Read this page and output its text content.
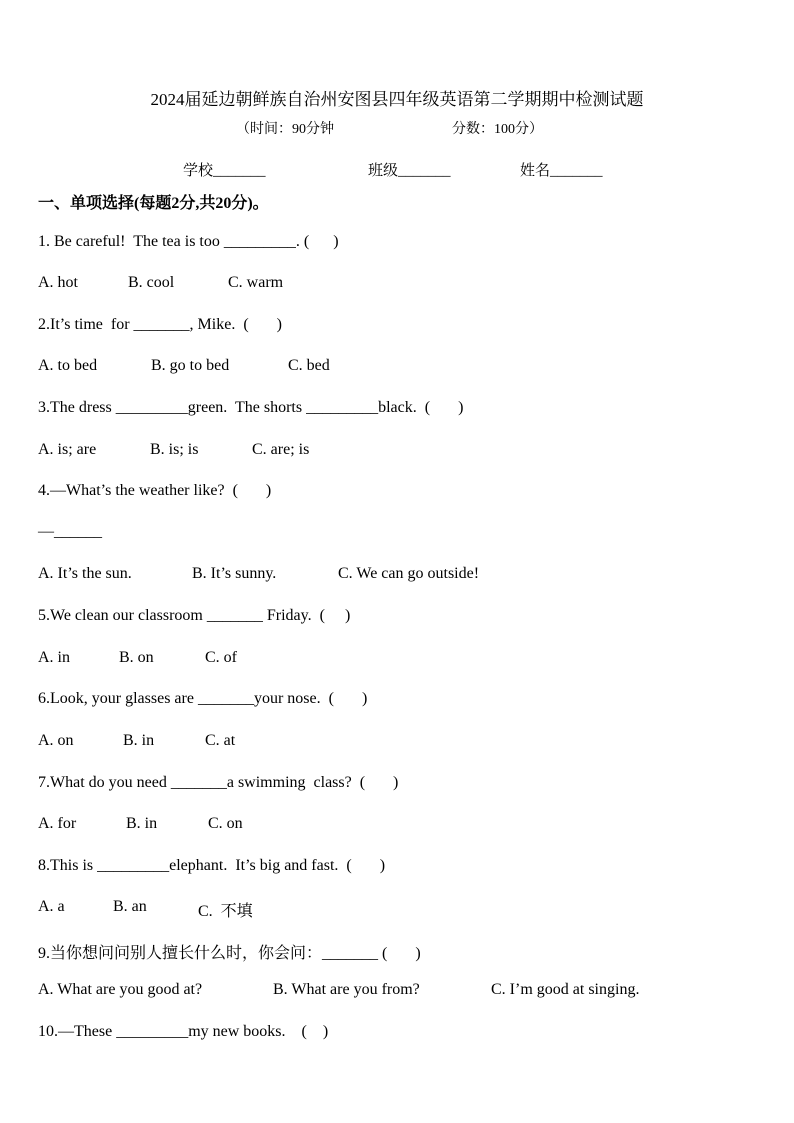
2024届延边朝鲜族自治州安图县四年级英语第二学期期中检测试题
（时间：90分钟	分数：100分）
学校_______	班级_______	姓名_______
一、单项选择(每题2分,共20分)。
1. Be careful!  The tea is too _________. (      )
A. hot	B. cool	C. warm
2.It’s time  for _______, Mike.  (       )
A. to bed	B. go to bed	C. bed
3.The dress _________green.  The shorts _________black.  (       )
A. is; are	B. is; is	C. are; is
4.—What’s the weather like?  (       )
—______
A. It’s the sun.	B. It’s sunny.	C. We can go outside!
5.We clean our classroom _______ Friday.  (     )
A. in	B. on	C. of
6.Look, your glasses are _______your nose.  (       )
A. on	B. in	C. at
7.What do you need _______a swimming  class?  (       )
A. for	B. in	C. on
8.This is _________elephant.  It’s big and fast.  (       )
A. a	B. an	C.  不填
9.当你想问问别人擅长什么时，你会问：_______ (       )
A. What are you good at?	B. What are you from?	C. I’m good at singing.
10.—These _________my new books.    (    )
